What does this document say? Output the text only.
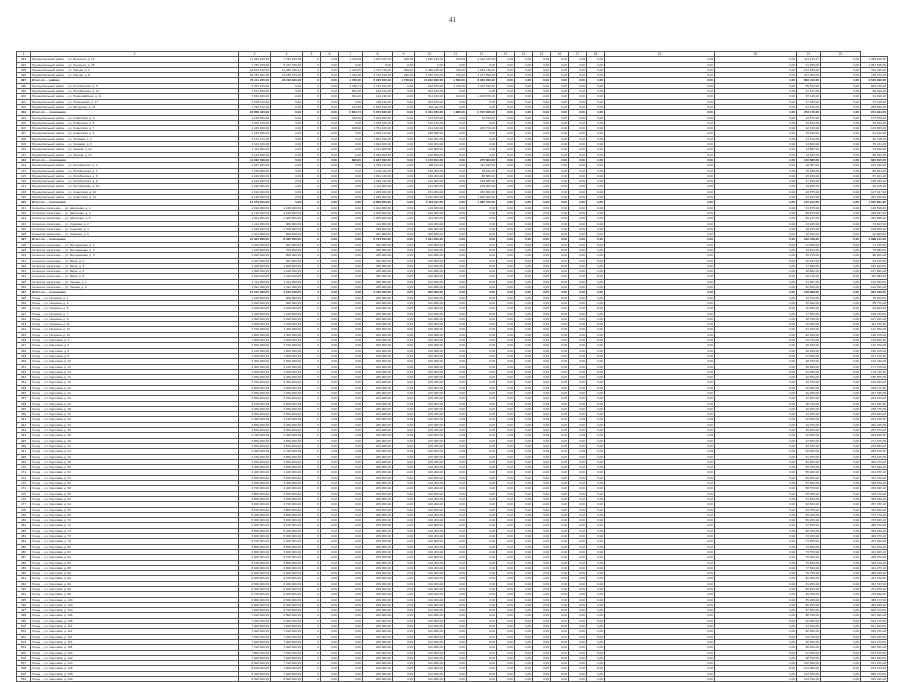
41
1	2	3	4	5	6	7	8	9	10	11	12	13	14	15	16	17	18	19	20	21	22	
393	Муниципальный район ... ул. Энгельса, д. 13	11 492 152,90	7 791 183,00	0	0,00	1 116,00	1 001 225,70	168,00	1 525 190,00	160,00	2 222 100,00	0,00	0,00	0,00	0,00	0,00	0,00	0,00	0,00	111 176,17	0,00	1 095 646,00
394	Муниципальный район ... ул. Энгельса, д. 25	7 760 973,00	5 373 780,00	0	0,00	0,00	0,00	0,00	0,00	0,00	0,00	0,00	0,00	0,00	0,00	0,00	0,00	0,00	0,00	61 396,00	0,00	1 081 548,00
395	Муниципальный район ... ул. Кирова, д. 6	18 813 512,00	11 485 335,44	0	0,00	1 310,00	1 701 726,00	290,00	3 499 218,00	720,00	1 251 136,00	0,00	0,00	0,00	0,00	0,00	0,00	0,00	0,00	214 183,00	0,00	700 436,00
396	Муниципальный район ... ул. Кирова, д. 8	20 784 461,00	14 185 374,00	0	0,00	1 310,00	1 712 433,00	290,00	3 516 700,00	720,00	1 277 850,00	0,00	0,00	0,00	0,00	0,00	0,00	0,00	0,00	227 360,00	0,00	718 270,00
397	Итого по ... району	73 411 225,00	48 218 340,00	0	0,00	4 780,00	6 200 000,00	1 748,00	11 222 000,00	1 600,00	8 320 000,00	0,00	0,00	0,00	0,00	0,00	0,00	0,00	0,00	802 410,00	0,00	3 610 290,00
398	Муниципальный район ... ул. Октябрьская, д. 5	5 361 139,00	0,00	0	0,00	1 418,74	1 794 101,00	0,00	612 979,00	1 470,00	1 511 190,00	0,00	0,00	0,00	0,00	0,00	0,00	0,00	0,00	85 812,00	0,00	503 716,00
399	Муниципальный район ... ул. Октябрьская, д. 11	1 073 500,00	0,00	0	0,00	501,00	100 121,00	0,00	401 160,00	0,00	0,00	0,00	0,00	0,00	0,00	0,00	0,00	0,00	0,00	21 517,00	0,00	86 220,00
400	Муниципальный район ... ул. Первомайская, д. 11	7 543 000,00	0,00	0	0,00	601,00	144 136,00	0,00	614 230,00	410,00	1 003 870,00	0,00	0,00	0,00	0,00	0,00	0,00	0,00	0,00	97 115,00	0,00	91 430,00
401	Муниципальный район ... ул. Пионерская, д. 17	1 108 412,00	0,00	0	0,00	0,00	200 112,00	0,00	201 100,00	0,00	0,00	0,00	0,00	0,00	0,00	0,00	0,00	0,00	0,00	17 320,00	0,00	37 128,00
402	Муниципальный район ... ул. Мичурина, д. 16	1 762 412,00	0,00	0	0,00	144,00	2 836 150,00	0,00	202 111,00	0,00	0,00	0,00	0,00	0,00	0,00	0,00	0,00	0,00	0,00	31 415,00	0,00	255 830,00
403	Итого по ... поселению	16 858 463,00	0,00	0	0,00	2 664,74	5 074 620,00	0,00	2 031 580,00	1 880,00	2 515 060,00	0,00	0,00	0,00	0,00	0,00	0,00	0,00	0,00	253 179,00	0,00	974 324,00
404	Муниципальный район ... ул. Советская, д. 3	1 162 000,00	0,00	0	0,00	412,00	1 003 000,00	0,00	123 100,00	0,00	72 164,00	0,00	0,00	0,00	0,00	0,00	0,00	0,00	0,00	13 571,00	0,00	173 870,00
405	Муниципальный район ... ул. Советская, д. 5	1 205 125,00	0,00	0	0,00	0,00	1 075 100,00	0,00	126 120,00	0,00	0,00	0,00	0,00	0,00	0,00	0,00	0,00	0,00	0,00	19 813,00	0,00	95 432,00
406	Муниципальный район ... ул. Советская, д. 7	2 115 000,00	0,00	0	0,00	418,00	1 751 100,00	0,00	214 120,00	0,00	203 700,00	0,00	0,00	0,00	0,00	0,00	0,00	0,00	0,00	22 318,00	0,00	103 860,00
407	Муниципальный район ... ул. Советская, д. 9	1 181 000,00	0,00	0	0,00	0,00	1 001 112,00	0,00	180 000,00	0,00	0,00	0,00	0,00	0,00	0,00	0,00	0,00	0,00	0,00	15 320,00	0,00	91 142,00
408	Муниципальный район ... ул. Чапаева, д. 4	1 131 471,00	0,00	0	0,00	0,00	1 001 210,00	0,00	130 261,00	0,00	0,00	0,00	0,00	0,00	0,00	0,00	0,00	0,00	0,00	14 122,00	0,00	92 718,00
409	Муниципальный район ... ул. Чапаева, д. 6	1 104 000,00	0,00	0	0,00	0,00	1 004 000,00	0,00	100 000,00	0,00	0,00	0,00	0,00	0,00	0,00	0,00	0,00	0,00	0,00	13 800,00	0,00	79 131,00
410	Муниципальный район ... ул. Ленина, д. 22	1 111 000,00	0,00	0	0,00	0,00	1 011 000,00	0,00	100 000,00	0,00	0,00	0,00	0,00	0,00	0,00	0,00	0,00	0,00	0,00	13 887,00	0,00	79 400,00
411	Муниципальный район ... ул. Ленина, д. 24	1 123 000,00	0,00	0	0,00	0,00	1 023 000,00	0,00	100 000,00	0,00	0,00	0,00	0,00	0,00	0,00	0,00	0,00	0,00	0,00	14 037,00	0,00	80 262,00
412	Итого по ... поселению	11 232 596,00	0,00	0	0,00	830,00	9 947 522,00	0,00	1 173 601,00	0,00	275 864,00	0,00	0,00	0,00	0,00	0,00	0,00	0,00	0,00	140 668,00	0,00	895 815,00
413	Муниципальный район ... ул. Октябрьская, д. 2	1 447 000,00	0,00	0	0,00	0,00	1 004 211,00	0,00	182 911,00	0,00	111 422,00	0,00	0,00	0,00	0,00	0,00	0,00	0,00	0,00	18 087,00	0,00	103 420,00
414	Муниципальный район ... ул. Октябрьская, д. 4	1 215 000,00	0,00	0	0,00	0,00	1 002 111,00	0,00	120 000,00	0,00	93 811,00	0,00	0,00	0,00	0,00	0,00	0,00	0,00	0,00	15 188,00	0,00	86 844,00
415	Муниципальный район ... ул. Октябрьская, д. 6	1 220 000,00	0,00	0	0,00	0,00	1 001 120,00	0,00	130 000,00	0,00	88 880,00	0,00	0,00	0,00	0,00	0,00	0,00	0,00	0,00	15 250,00	0,00	87 201,00
416	Муниципальный район ... ул. Октябрьская, д. 8	2 213 000,00	0,00	0	0,00	0,00	1 864 411,00	0,00	210 000,00	0,00	138 589,00	0,00	0,00	0,00	0,00	0,00	0,00	0,00	0,00	27 663,00	0,00	158 182,00
417	Муниципальный район ... ул. Октябрьская, д. 10	1 332 000,00	0,00	0	0,00	0,00	1 111 000,00	0,00	121 000,00	0,00	100 000,00	0,00	0,00	0,00	0,00	0,00	0,00	0,00	0,00	16 650,00	0,00	95 215,00
418	Муниципальный район ... ул. Советская, д. 12	1 510 000,00	0,00	0	0,00	0,00	1 209 000,00	0,00	151 000,00	0,00	150 000,00	0,00	0,00	0,00	0,00	0,00	0,00	0,00	0,00	18 875,00	0,00	107 927,00
419	Муниципальный район ... ул. Советская, д. 14	5 136 000,00	0,00	0	0,00	0,00	1 669 000,00	0,00	1 202 000,00	0,00	1 000 000,00	0,00	0,00	0,00	0,00	0,00	0,00	0,00	0,00	64 200,00	0,00	367 102,00
420	Итого по ... поселению	14 073 000,00	0,00	0	0,00	0,00	8 860 853,00	0,00	2 116 911,00	0,00	1 682 702,00	0,00	0,00	0,00	0,00	0,00	0,00	0,00	0,00	175 913,00	0,00	1 005 891,00
421	Сельское поселение ... ул. Школьная, д. 1	1 910 000,00	1 120 000,00	0	0,00	0,00	1 001 000,00	0,00	123 000,00	0,00	0,00	0,00	0,00	0,00	0,00	0,00	0,00	0,00	0,00	23 875,00	0,00	136 518,00
422	Сельское поселение ... ул. Школьная, д. 3	4 710 000,00	2 100 000,00	0	0,00	0,00	2 000 000,00	0,00	610 000,00	0,00	0,00	0,00	0,00	0,00	0,00	0,00	0,00	0,00	0,00	58 875,00	0,00	336 647,00
423	Сельское поселение ... ул. Школьная, д. 5	4 811 000,00	2 400 000,00	0	0,00	0,00	2 000 000,00	0,00	411 000,00	0,00	0,00	0,00	0,00	0,00	0,00	0,00	0,00	0,00	0,00	60 137,00	0,00	343 866,00
424	Сельское поселение ... ул. Садовая, д. 2	1 114 000,00	900 000,00	0	0,00	0,00	114 000,00	0,00	100 000,00	0,00	0,00	0,00	0,00	0,00	0,00	0,00	0,00	0,00	0,00	13 925,00	0,00	79 620,00
425	Сельское поселение ... ул. Садовая, д. 4	1 518 000,00	1 000 000,00	0	0,00	0,00	318 000,00	0,00	200 000,00	0,00	0,00	0,00	0,00	0,00	0,00	0,00	0,00	0,00	0,00	18 975,00	0,00	108 500,00
426	Сельское поселение ... ул. Садовая, д. 6	1 301 000,00	800 000,00	0	0,00	0,00	301 000,00	0,00	200 000,00	0,00	0,00	0,00	0,00	0,00	0,00	0,00	0,00	0,00	0,00	16 262,00	0,00	92 990,00
427	Итого по ... поселению	15 364 000,00	8 320 000,00	0	0,00	0,00	5 734 000,00	0,00	1 644 000,00	0,00	0,00	0,00	0,00	0,00	0,00	0,00	0,00	0,00	0,00	192 049,00	0,00	1 098 141,00
428	Сельское поселение ... ул. Молодёжная, д. 1	1 004 000,00	604 000,00	0	0,00	0,00	300 000,00	0,00	100 000,00	0,00	0,00	0,00	0,00	0,00	0,00	0,00	0,00	0,00	0,00	12 550,00	0,00	71 760,00
429	Сельское поселение ... ул. Молодёжная, д. 3	1 105 000,00	705 000,00	0	0,00	0,00	300 000,00	0,00	100 000,00	0,00	0,00	0,00	0,00	0,00	0,00	0,00	0,00	0,00	0,00	13 812,00	0,00	78 980,00
430	Сельское поселение ... ул. Молодёжная, д. 5	1 206 000,00	806 000,00	0	0,00	0,00	300 000,00	0,00	100 000,00	0,00	0,00	0,00	0,00	0,00	0,00	0,00	0,00	0,00	0,00	15 075,00	0,00	86 200,00
431	Сельское поселение ... ул. Мира, д. 2	1 307 000,00	907 000,00	0	0,00	0,00	300 000,00	0,00	100 000,00	0,00	0,00	0,00	0,00	0,00	0,00	0,00	0,00	0,00	0,00	16 337,00	0,00	93 420,00
432	Сельское поселение ... ул. Мира, д. 4	1 408 000,00	1 008 000,00	0	0,00	0,00	300 000,00	0,00	100 000,00	0,00	0,00	0,00	0,00	0,00	0,00	0,00	0,00	0,00	0,00	17 600,00	0,00	100 640,00
433	Сельское поселение ... ул. Мира, д. 6	1 509 000,00	1 109 000,00	0	0,00	0,00	300 000,00	0,00	100 000,00	0,00	0,00	0,00	0,00	0,00	0,00	0,00	0,00	0,00	0,00	18 862,00	0,00	107 860,00
434	Сельское поселение ... ул. Мира, д. 8	1 610 000,00	1 210 000,00	0	0,00	0,00	300 000,00	0,00	100 000,00	0,00	0,00	0,00	0,00	0,00	0,00	0,00	0,00	0,00	0,00	20 125,00	0,00	115 080,00
435	Сельское поселение ... ул. Лесная, д. 1	1 711 000,00	1 311 000,00	0	0,00	0,00	300 000,00	0,00	100 000,00	0,00	0,00	0,00	0,00	0,00	0,00	0,00	0,00	0,00	0,00	21 387,00	0,00	122 300,00
436	Сельское поселение ... ул. Лесная, д. 3	1 812 000,00	1 412 000,00	0	0,00	0,00	300 000,00	0,00	100 000,00	0,00	0,00	0,00	0,00	0,00	0,00	0,00	0,00	0,00	0,00	22 650,00	0,00	129 520,00
437	Итого по ... поселению	12 672 000,00	9 072 000,00	0	0,00	0,00	2 700 000,00	0,00	900 000,00	0,00	0,00	0,00	0,00	0,00	0,00	0,00	0,00	0,00	0,00	158 398,00	0,00	905 760,00
438	Город ... ул. Гагарина, д. 1	1 100 000,00	800 000,00	0	0,00	0,00	200 000,00	0,00	100 000,00	0,00	0,00	0,00	0,00	0,00	0,00	0,00	0,00	0,00	0,00	13 750,00	0,00	78 620,00
439	Город ... ул. Гагарина, д. 3	1 200 000,00	900 000,00	0	0,00	0,00	200 000,00	0,00	100 000,00	0,00	0,00	0,00	0,00	0,00	0,00	0,00	0,00	0,00	0,00	15 000,00	0,00	85 770,00
440	Город ... ул. Гагарина, д. 5	1 300 000,00	1 000 000,00	0	0,00	0,00	200 000,00	0,00	100 000,00	0,00	0,00	0,00	0,00	0,00	0,00	0,00	0,00	0,00	0,00	16 250,00	0,00	92 920,00
441	Город ... ул. Гагарина, д. 7	1 400 000,00	1 100 000,00	0	0,00	0,00	200 000,00	0,00	100 000,00	0,00	0,00	0,00	0,00	0,00	0,00	0,00	0,00	0,00	0,00	17 500,00	0,00	100 070,00
442	Город ... ул. Гагарина, д. 9	1 500 000,00	1 200 000,00	0	0,00	0,00	200 000,00	0,00	100 000,00	0,00	0,00	0,00	0,00	0,00	0,00	0,00	0,00	0,00	0,00	18 750,00	0,00	107 220,00
443	Город ... ул. Гагарина, д. 11	1 600 000,00	1 300 000,00	0	0,00	0,00	200 000,00	0,00	100 000,00	0,00	0,00	0,00	0,00	0,00	0,00	0,00	0,00	0,00	0,00	20 000,00	0,00	114 370,00
444	Город ... ул. Гагарина, д. 13	1 700 000,00	1 400 000,00	0	0,00	0,00	200 000,00	0,00	100 000,00	0,00	0,00	0,00	0,00	0,00	0,00	0,00	0,00	0,00	0,00	21 250,00	0,00	121 520,00
445	Город ... ул. Гагарина, д. 15	1 800 000,00	1 500 000,00	0	0,00	0,00	200 000,00	0,00	100 000,00	0,00	0,00	0,00	0,00	0,00	0,00	0,00	0,00	0,00	0,00	22 500,00	0,00	128 670,00
446	Город ... ул. Королёва, д. 2	1 900 000,00	1 600 000,00	0	0,00	0,00	200 000,00	0,00	100 000,00	0,00	0,00	0,00	0,00	0,00	0,00	0,00	0,00	0,00	0,00	23 750,00	0,00	135 820,00
447	Город ... ул. Королёва, д. 4	2 000 000,00	1 700 000,00	0	0,00	0,00	200 000,00	0,00	100 000,00	0,00	0,00	0,00	0,00	0,00	0,00	0,00	0,00	0,00	0,00	25 000,00	0,00	142 970,00
448	Город ... ул. Королёва, д. 6	2 100 000,00	1 800 000,00	0	0,00	0,00	200 000,00	0,00	100 000,00	0,00	0,00	0,00	0,00	0,00	0,00	0,00	0,00	0,00	0,00	26 250,00	0,00	150 120,00
449	Город ... ул. Королёва, д. 8	2 200 000,00	1 900 000,00	0	0,00	0,00	200 000,00	0,00	100 000,00	0,00	0,00	0,00	0,00	0,00	0,00	0,00	0,00	0,00	0,00	27 500,00	0,00	157 270,00
450	Город ... ул. Королёва, д. 10	2 300 000,00	2 000 000,00	0	0,00	0,00	200 000,00	0,00	100 000,00	0,00	0,00	0,00	0,00	0,00	0,00	0,00	0,00	0,00	0,00	28 750,00	0,00	164 420,00
451	Город ... ул. Королёва, д. 12	2 400 000,00	2 100 000,00	0	0,00	0,00	200 000,00	0,00	100 000,00	0,00	0,00	0,00	0,00	0,00	0,00	0,00	0,00	0,00	0,00	30 000,00	0,00	171 570,00
452	Город ... ул. Королёва, д. 14	2 500 000,00	2 200 000,00	0	0,00	0,00	200 000,00	0,00	100 000,00	0,00	0,00	0,00	0,00	0,00	0,00	0,00	0,00	0,00	0,00	31 250,00	0,00	178 720,00
453	Город ... ул. Королёва, д. 16	2 600 000,00	2 300 000,00	0	0,00	0,00	200 000,00	0,00	100 000,00	0,00	0,00	0,00	0,00	0,00	0,00	0,00	0,00	0,00	0,00	32 500,00	0,00	185 870,00
454	Город ... ул. Королёва, д. 18	2 700 000,00	2 400 000,00	0	0,00	0,00	200 000,00	0,00	100 000,00	0,00	0,00	0,00	0,00	0,00	0,00	0,00	0,00	0,00	0,00	33 750,00	0,00	193 020,00
455	Город ... ул. Королёва, д. 20	2 800 000,00	2 500 000,00	0	0,00	0,00	200 000,00	0,00	100 000,00	0,00	0,00	0,00	0,00	0,00	0,00	0,00	0,00	0,00	0,00	35 000,00	0,00	200 170,00
456	Город ... ул. Королёва, д. 22	2 900 000,00	2 600 000,00	0	0,00	0,00	200 000,00	0,00	100 000,00	0,00	0,00	0,00	0,00	0,00	0,00	0,00	0,00	0,00	0,00	36 250,00	0,00	207 320,00
457	Город ... ул. Королёва, д. 24	3 000 000,00	2 700 000,00	0	0,00	0,00	200 000,00	0,00	100 000,00	0,00	0,00	0,00	0,00	0,00	0,00	0,00	0,00	0,00	0,00	37 500,00	0,00	214 470,00
458	Город ... ул. Королёва, д. 26	3 100 000,00	2 800 000,00	0	0,00	0,00	200 000,00	0,00	100 000,00	0,00	0,00	0,00	0,00	0,00	0,00	0,00	0,00	0,00	0,00	38 750,00	0,00	221 620,00
459	Город ... ул. Королёва, д. 28	3 200 000,00	2 900 000,00	0	0,00	0,00	200 000,00	0,00	100 000,00	0,00	0,00	0,00	0,00	0,00	0,00	0,00	0,00	0,00	0,00	40 000,00	0,00	228 770,00
460	Город ... ул. Королёва, д. 30	3 300 000,00	3 000 000,00	0	0,00	0,00	200 000,00	0,00	100 000,00	0,00	0,00	0,00	0,00	0,00	0,00	0,00	0,00	0,00	0,00	41 250,00	0,00	235 920,00
461	Город ... ул. Королёва, д. 32	3 400 000,00	3 100 000,00	0	0,00	0,00	200 000,00	0,00	100 000,00	0,00	0,00	0,00	0,00	0,00	0,00	0,00	0,00	0,00	0,00	42 500,00	0,00	243 070,00
462	Город ... ул. Королёва, д. 34	3 500 000,00	3 200 000,00	0	0,00	0,00	200 000,00	0,00	100 000,00	0,00	0,00	0,00	0,00	0,00	0,00	0,00	0,00	0,00	0,00	43 750,00	0,00	250 220,00
463	Город ... ул. Королёва, д. 36	3 600 000,00	3 300 000,00	0	0,00	0,00	200 000,00	0,00	100 000,00	0,00	0,00	0,00	0,00	0,00	0,00	0,00	0,00	0,00	0,00	45 000,00	0,00	257 370,00
464	Город ... ул. Королёва, д. 38	3 700 000,00	3 400 000,00	0	0,00	0,00	200 000,00	0,00	100 000,00	0,00	0,00	0,00	0,00	0,00	0,00	0,00	0,00	0,00	0,00	46 250,00	0,00	264 520,00
465	Город ... ул. Королёва, д. 40	3 800 000,00	3 500 000,00	0	0,00	0,00	200 000,00	0,00	100 000,00	0,00	0,00	0,00	0,00	0,00	0,00	0,00	0,00	0,00	0,00	47 500,00	0,00	271 670,00
466	Город ... ул. Королёва, д. 42	3 900 000,00	3 600 000,00	0	0,00	0,00	200 000,00	0,00	100 000,00	0,00	0,00	0,00	0,00	0,00	0,00	0,00	0,00	0,00	0,00	48 750,00	0,00	278 820,00
467	Город ... ул. Королёва, д. 44	4 000 000,00	3 700 000,00	0	0,00	0,00	200 000,00	0,00	100 000,00	0,00	0,00	0,00	0,00	0,00	0,00	0,00	0,00	0,00	0,00	50 000,00	0,00	285 970,00
468	Город ... ул. Королёва, д. 46	4 100 000,00	3 800 000,00	0	0,00	0,00	200 000,00	0,00	100 000,00	0,00	0,00	0,00	0,00	0,00	0,00	0,00	0,00	0,00	0,00	51 250,00	0,00	293 120,00
469	Город ... ул. Королёва, д. 48	4 200 000,00	3 900 000,00	0	0,00	0,00	200 000,00	0,00	100 000,00	0,00	0,00	0,00	0,00	0,00	0,00	0,00	0,00	0,00	0,00	52 500,00	0,00	300 270,00
470	Город ... ул. Королёва, д. 50	4 300 000,00	4 000 000,00	0	0,00	0,00	200 000,00	0,00	100 000,00	0,00	0,00	0,00	0,00	0,00	0,00	0,00	0,00	0,00	0,00	53 750,00	0,00	307 420,00
471	Город ... ул. Королёва, д. 52	4 400 000,00	4 100 000,00	0	0,00	0,00	200 000,00	0,00	100 000,00	0,00	0,00	0,00	0,00	0,00	0,00	0,00	0,00	0,00	0,00	55 000,00	0,00	314 570,00
472	Город ... ул. Королёва, д. 54	4 500 000,00	4 200 000,00	0	0,00	0,00	200 000,00	0,00	100 000,00	0,00	0,00	0,00	0,00	0,00	0,00	0,00	0,00	0,00	0,00	56 250,00	0,00	321 720,00
473	Город ... ул. Королёва, д. 56	4 600 000,00	4 300 000,00	0	0,00	0,00	200 000,00	0,00	100 000,00	0,00	0,00	0,00	0,00	0,00	0,00	0,00	0,00	0,00	0,00	57 500,00	0,00	328 870,00
474	Город ... ул. Королёва, д. 58	4 700 000,00	4 400 000,00	0	0,00	0,00	200 000,00	0,00	100 000,00	0,00	0,00	0,00	0,00	0,00	0,00	0,00	0,00	0,00	0,00	58 750,00	0,00	336 020,00
475	Город ... ул. Королёва, д. 60	4 800 000,00	4 500 000,00	0	0,00	0,00	200 000,00	0,00	100 000,00	0,00	0,00	0,00	0,00	0,00	0,00	0,00	0,00	0,00	0,00	60 000,00	0,00	343 170,00
476	Город ... ул. Королёва, д. 62	4 900 000,00	4 600 000,00	0	0,00	0,00	200 000,00	0,00	100 000,00	0,00	0,00	0,00	0,00	0,00	0,00	0,00	0,00	0,00	0,00	61 250,00	0,00	350 320,00
477	Город ... ул. Королёва, д. 64	5 000 000,00	4 700 000,00	0	0,00	0,00	200 000,00	0,00	100 000,00	0,00	0,00	0,00	0,00	0,00	0,00	0,00	0,00	0,00	0,00	62 500,00	0,00	357 470,00
478	Город ... ул. Королёва, д. 66	5 100 000,00	4 800 000,00	0	0,00	0,00	200 000,00	0,00	100 000,00	0,00	0,00	0,00	0,00	0,00	0,00	0,00	0,00	0,00	0,00	63 750,00	0,00	364 620,00
479	Город ... ул. Королёва, д. 68	5 200 000,00	4 900 000,00	0	0,00	0,00	200 000,00	0,00	100 000,00	0,00	0,00	0,00	0,00	0,00	0,00	0,00	0,00	0,00	0,00	65 000,00	0,00	371 770,00
480	Город ... ул. Королёва, д. 70	5 300 000,00	5 000 000,00	0	0,00	0,00	200 000,00	0,00	100 000,00	0,00	0,00	0,00	0,00	0,00	0,00	0,00	0,00	0,00	0,00	66 250,00	0,00	378 920,00
481	Город ... ул. Королёва, д. 72	5 400 000,00	5 100 000,00	0	0,00	0,00	200 000,00	0,00	100 000,00	0,00	0,00	0,00	0,00	0,00	0,00	0,00	0,00	0,00	0,00	67 500,00	0,00	386 070,00
482	Город ... ул. Королёва, д. 74	5 500 000,00	5 200 000,00	0	0,00	0,00	200 000,00	0,00	100 000,00	0,00	0,00	0,00	0,00	0,00	0,00	0,00	0,00	0,00	0,00	68 750,00	0,00	393 220,00
483	Город ... ул. Королёва, д. 76	5 600 000,00	5 300 000,00	0	0,00	0,00	200 000,00	0,00	100 000,00	0,00	0,00	0,00	0,00	0,00	0,00	0,00	0,00	0,00	0,00	70 000,00	0,00	400 370,00
484	Город ... ул. Королёва, д. 78	5 700 000,00	5 400 000,00	0	0,00	0,00	200 000,00	0,00	100 000,00	0,00	0,00	0,00	0,00	0,00	0,00	0,00	0,00	0,00	0,00	71 250,00	0,00	407 520,00
485	Город ... ул. Королёва, д. 80	5 800 000,00	5 500 000,00	0	0,00	0,00	200 000,00	0,00	100 000,00	0,00	0,00	0,00	0,00	0,00	0,00	0,00	0,00	0,00	0,00	72 500,00	0,00	414 670,00
486	Город ... ул. Королёва, д. 82	5 900 000,00	5 600 000,00	0	0,00	0,00	200 000,00	0,00	100 000,00	0,00	0,00	0,00	0,00	0,00	0,00	0,00	0,00	0,00	0,00	73 750,00	0,00	421 820,00
487	Город ... ул. Королёва, д. 84	6 000 000,00	5 700 000,00	0	0,00	0,00	200 000,00	0,00	100 000,00	0,00	0,00	0,00	0,00	0,00	0,00	0,00	0,00	0,00	0,00	75 000,00	0,00	428 970,00
488	Город ... ул. Королёва, д. 86	6 100 000,00	5 800 000,00	0	0,00	0,00	200 000,00	0,00	100 000,00	0,00	0,00	0,00	0,00	0,00	0,00	0,00	0,00	0,00	0,00	76 250,00	0,00	436 120,00
489	Город ... ул. Королёва, д. 88	6 200 000,00	5 900 000,00	0	0,00	0,00	200 000,00	0,00	100 000,00	0,00	0,00	0,00	0,00	0,00	0,00	0,00	0,00	0,00	0,00	77 500,00	0,00	443 270,00
490	Город ... ул. Королёва, д. 90	6 300 000,00	6 000 000,00	0	0,00	0,00	200 000,00	0,00	100 000,00	0,00	0,00	0,00	0,00	0,00	0,00	0,00	0,00	0,00	0,00	78 750,00	0,00	450 420,00
491	Город ... ул. Королёва, д. 92	6 400 000,00	6 100 000,00	0	0,00	0,00	200 000,00	0,00	100 000,00	0,00	0,00	0,00	0,00	0,00	0,00	0,00	0,00	0,00	0,00	80 000,00	0,00	457 570,00
492	Город ... ул. Королёва, д. 94	6 500 000,00	6 200 000,00	0	0,00	0,00	200 000,00	0,00	100 000,00	0,00	0,00	0,00	0,00	0,00	0,00	0,00	0,00	0,00	0,00	81 250,00	0,00	464 720,00
493	Город ... ул. Королёва, д. 96	6 600 000,00	6 300 000,00	0	0,00	0,00	200 000,00	0,00	100 000,00	0,00	0,00	0,00	0,00	0,00	0,00	0,00	0,00	0,00	0,00	82 500,00	0,00	471 870,00
494	Город ... ул. Королёва, д. 98	6 700 000,00	6 400 000,00	0	0,00	0,00	200 000,00	0,00	100 000,00	0,00	0,00	0,00	0,00	0,00	0,00	0,00	0,00	0,00	0,00	83 750,00	0,00	479 020,00
495	Город ... ул. Королёва, д. 100	6 800 000,00	6 500 000,00	0	0,00	0,00	200 000,00	0,00	100 000,00	0,00	0,00	0,00	0,00	0,00	0,00	0,00	0,00	0,00	0,00	85 000,00	0,00	486 170,00
496	Город ... ул. Королёва, д. 102	6 900 000,00	6 600 000,00	0	0,00	0,00	200 000,00	0,00	100 000,00	0,00	0,00	0,00	0,00	0,00	0,00	0,00	0,00	0,00	0,00	86 250,00	0,00	493 320,00
497	Город ... ул. Королёва, д. 104	7 000 000,00	6 700 000,00	0	0,00	0,00	200 000,00	0,00	100 000,00	0,00	0,00	0,00	0,00	0,00	0,00	0,00	0,00	0,00	0,00	87 500,00	0,00	500 470,00
498	Город ... ул. Королёва, д. 106	7 100 000,00	6 800 000,00	0	0,00	0,00	200 000,00	0,00	100 000,00	0,00	0,00	0,00	0,00	0,00	0,00	0,00	0,00	0,00	0,00	88 750,00	0,00	507 620,00
499	Город ... ул. Королёва, д. 108	7 200 000,00	6 900 000,00	0	0,00	0,00	200 000,00	0,00	100 000,00	0,00	0,00	0,00	0,00	0,00	0,00	0,00	0,00	0,00	0,00	90 000,00	0,00	514 770,00
500	Город ... ул. Королёва, д. 110	7 300 000,00	7 000 000,00	0	0,00	0,00	200 000,00	0,00	100 000,00	0,00	0,00	0,00	0,00	0,00	0,00	0,00	0,00	0,00	0,00	91 250,00	0,00	521 920,00
501	Город ... ул. Королёва, д. 112	7 400 000,00	7 100 000,00	0	0,00	0,00	200 000,00	0,00	100 000,00	0,00	0,00	0,00	0,00	0,00	0,00	0,00	0,00	0,00	0,00	92 500,00	0,00	529 070,00
502	Город ... ул. Королёва, д. 114	7 500 000,00	7 200 000,00	0	0,00	0,00	200 000,00	0,00	100 000,00	0,00	0,00	0,00	0,00	0,00	0,00	0,00	0,00	0,00	0,00	93 750,00	0,00	536 220,00
503	Город ... ул. Королёва, д. 116	7 600 000,00	7 300 000,00	0	0,00	0,00	200 000,00	0,00	100 000,00	0,00	0,00	0,00	0,00	0,00	0,00	0,00	0,00	0,00	0,00	95 000,00	0,00	543 370,00
504	Город ... ул. Королёва, д. 118	7 700 000,00	7 400 000,00	0	0,00	0,00	200 000,00	0,00	100 000,00	0,00	0,00	0,00	0,00	0,00	0,00	0,00	0,00	0,00	0,00	96 250,00	0,00	550 520,00
505	Город ... ул. Королёва, д. 120	7 800 000,00	7 500 000,00	0	0,00	0,00	200 000,00	0,00	100 000,00	0,00	0,00	0,00	0,00	0,00	0,00	0,00	0,00	0,00	0,00	97 500,00	0,00	557 670,00
506	Город ... ул. Королёва, д. 122	7 900 000,00	7 600 000,00	0	0,00	0,00	200 000,00	0,00	100 000,00	0,00	0,00	0,00	0,00	0,00	0,00	0,00	0,00	0,00	0,00	98 750,00	0,00	564 820,00
507	Город ... ул. Королёва, д. 124	8 000 000,00	7 700 000,00	0	0,00	0,00	200 000,00	0,00	100 000,00	0,00	0,00	0,00	0,00	0,00	0,00	0,00	0,00	0,00	0,00	100 000,00	0,00	571 970,00
508	Город ... ул. Королёва, д. 126	8 100 000,00	7 800 000,00	0	0,00	0,00	200 000,00	0,00	100 000,00	0,00	0,00	0,00	0,00	0,00	0,00	0,00	0,00	0,00	0,00	101 250,00	0,00	579 120,00
509	Город ... ул. Королёва, д. 128	8 200 000,00	7 900 000,00	0	0,00	0,00	200 000,00	0,00	100 000,00	0,00	0,00	0,00	0,00	0,00	0,00	0,00	0,00	0,00	0,00	102 500,00	0,00	586 270,00
510	Город ... ул. Королёва, д. 130	8 300 000,00	8 000 000,00	0	0,00	0,00	200 000,00	0,00	100 000,00	0,00	0,00	0,00	0,00	0,00	0,00	0,00	0,00	0,00	0,00	103 750,00	0,00	593 420,00
